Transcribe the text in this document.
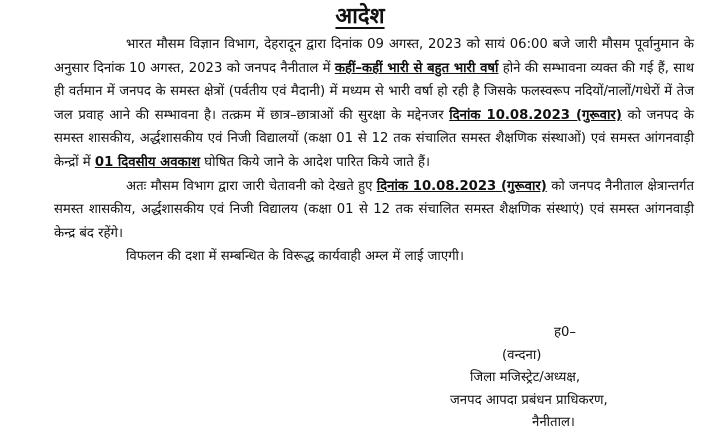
आदेश

भारत मौसम विज्ञान विभाग, देहरादून द्वारा दिनांक 09 अगस्त, 2023 को सायं 06:00 बजे जारी मौसम पूर्वानुमान के अनुसार दिनांक 10 अगस्त, 2023 को जनपद नैनीताल में कहीं–कहीं भारी से बहुत भारी वर्षा होने की सम्भावना व्यक्त की गई हैं, साथ ही वर्तमान में जनपद के समस्त क्षेत्रों (पर्वतीय एवं मैदानी) में मध्यम से भारी वर्षा हो रही है जिसके फलस्वरूप नदियों/नालों/गधेरों में तेज जल प्रवाह आने की सम्भावना है। तत्क्रम में छात्र–छात्राओं की सुरक्षा के मद्देनजर दिनांक 10.08.2023 (गुरूवार) को जनपद के समस्त शासकीय, अर्द्धशासकीय एवं निजी विद्यालयों (कक्षा 01 से 12 तक संचालित समस्त शैक्षणिक संस्थाओं) एवं समस्त आंगनवाड़ी केन्द्रों में 01 दिवसीय अवकाश घोषित किये जाने के आदेश पारित किये जाते हैं।

अतः मौसम विभाग द्वारा जारी चेतावनी को देखते हुए दिनांक 10.08.2023 (गुरूवार) को जनपद नैनीताल क्षेत्रान्तर्गत समस्त शासकीय, अर्द्धशासकीय एवं निजी विद्यालय (कक्षा 01 से 12 तक संचालित समस्त शैक्षणिक संस्थाएं) एवं समस्त आंगनवाड़ी केन्द्र बंद रहेंगे।

विफलन की दशा में सम्बन्धित के विरूद्ध कार्यवाही अम्ल में लाई जाएगी।

ह0–
(वन्दना)
जिला मजिस्ट्रेट/अध्यक्ष,
जनपद आपदा प्रबंधन प्राधिकरण,
नैनीताल।
